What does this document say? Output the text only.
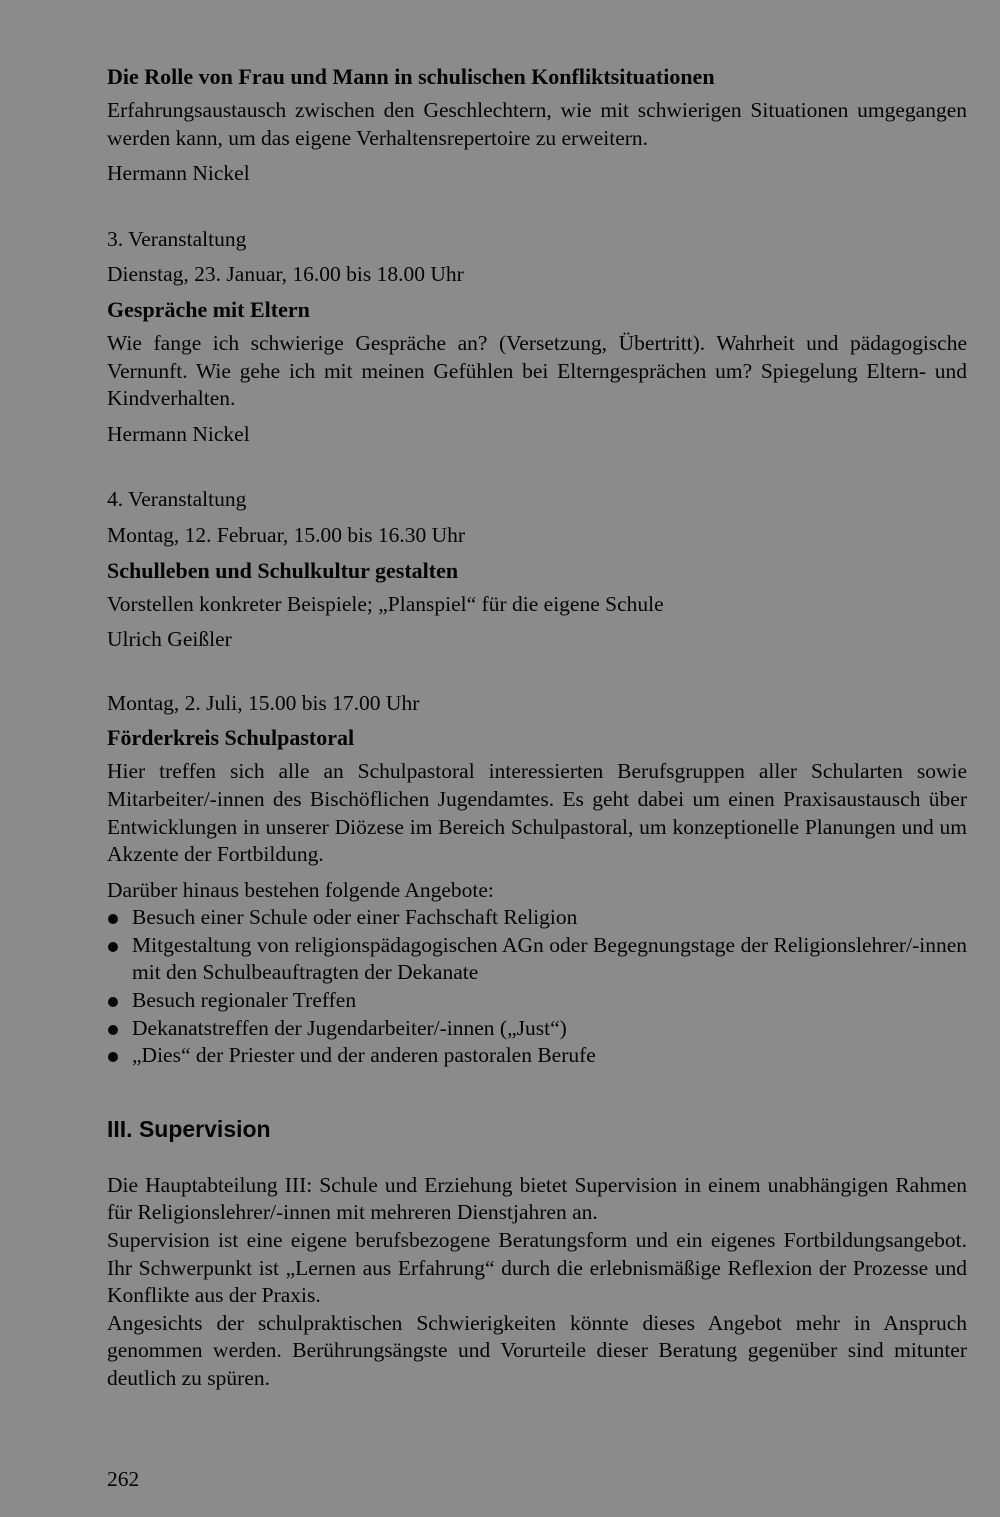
Die Rolle von Frau und Mann in schulischen Konfliktsituationen

Erfahrungsaustausch zwischen den Geschlechtern, wie mit schwierigen Situationen umgegangen werden kann, um das eigene Verhaltensrepertoire zu erweitern.

Hermann Nickel

3. Veranstaltung

Dienstag, 23. Januar, 16.00 bis 18.00 Uhr

Gespräche mit Eltern

Wie fange ich schwierige Gespräche an? (Versetzung, Übertritt). Wahrheit und pädagogische Vernunft. Wie gehe ich mit meinen Gefühlen bei Elterngesprächen um? Spiegelung Eltern- und Kindverhalten.

Hermann Nickel

4. Veranstaltung

Montag, 12. Februar, 15.00 bis 16.30 Uhr

Schulleben und Schulkultur gestalten

Vorstellen konkreter Beispiele; „Planspiel“ für die eigene Schule

Ulrich Geißler

Montag, 2. Juli, 15.00 bis 17.00 Uhr

Förderkreis Schulpastoral

Hier treffen sich alle an Schulpastoral interessierten Berufsgruppen aller Schularten sowie Mitarbeiter/-innen des Bischöflichen Jugendamtes. Es geht dabei um einen Praxisaustausch über Entwicklungen in unserer Diözese im Bereich Schulpastoral, um konzeptionelle Planungen und um Akzente der Fortbildung.

Darüber hinaus bestehen folgende Angebote:

Besuch einer Schule oder einer Fachschaft Religion
Mitgestaltung von religionspädagogischen AGn oder Begegnungstage der Religionslehrer/-innen mit den Schulbeauftragten der Dekanate
Besuch regionaler Treffen
Dekanatstreffen der Jugendarbeiter/-innen („Just“)
„Dies“ der Priester und der anderen pastoralen Berufe
III. Supervision

Die Hauptabteilung III: Schule und Erziehung bietet Supervision in einem unabhängigen Rahmen für Religionslehrer/-innen mit mehreren Dienstjahren an.

Supervision ist eine eigene berufsbezogene Beratungsform und ein eigenes Fortbildungsangebot. Ihr Schwerpunkt ist „Lernen aus Erfahrung“ durch die erlebnismäßige Reflexion der Prozesse und Konflikte aus der Praxis.

Angesichts der schulpraktischen Schwierigkeiten könnte dieses Angebot mehr in Anspruch genommen werden. Berührungsängste und Vorurteile dieser Beratung gegenüber sind mitunter deutlich zu spüren.

262
